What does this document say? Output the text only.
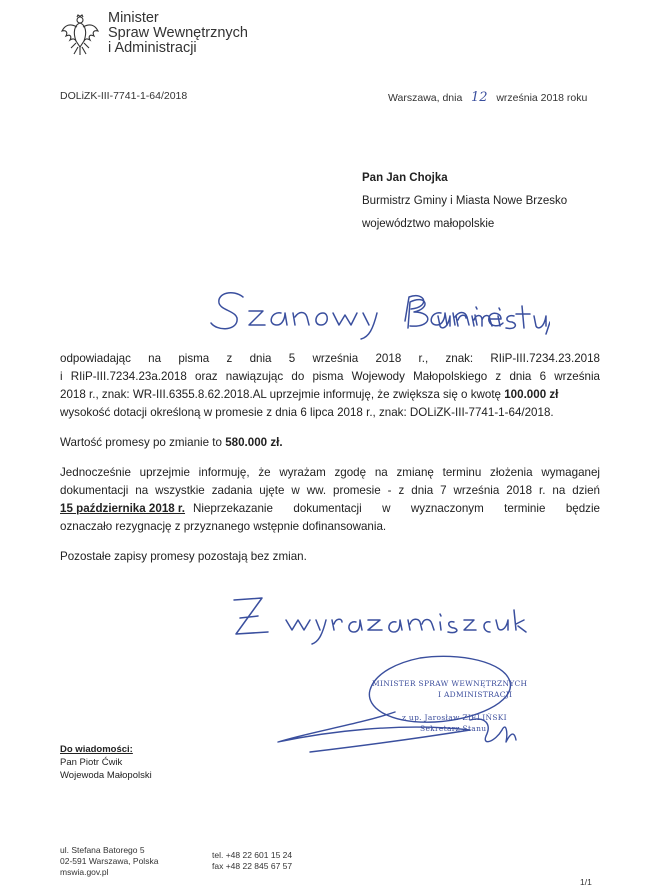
Minister
Spraw Wewnętrznych
i Administracji
DOLiZK-III-7741-1-64/2018	Warszawa, dnia 12 września 2018 roku
Pan Jan Chojka
Burmistrz Gminy i Miasta Nowe Brzesko
województwo małopolskie
odpowiadając na pisma z dnia 5 września 2018 r., znak: RIiP-III.7234.23.2018
i RIiP-III.7234.23a.2018 oraz nawiązując do pisma Wojewody Małopolskiego z dnia 6 września
2018 r., znak: WR-III.6355.8.62.2018.AL uprzejmie informuję, że zwiększa się o kwotę 100.000 zł
wysokość dotacji określoną w promesie z dnia 6 lipca 2018 r., znak: DOLiZK-III-7741-1-64/2018.
Wartość promesy po zmianie to 580.000 zł.
Jednocześnie uprzejmie informuję, że wyrażam zgodę na zmianę terminu złożenia wymaganej
dokumentacji na wszystkie zadania ujęte w ww. promesie - z dnia 7 września 2018 r. na dzień
15 października 2018 r. Nieprzekazanie dokumentacji w wyznaczonym terminie będzie
oznaczało rezygnację z przyznanego wstępnie dofinansowania.
Pozostałe zapisy promesy pozostają bez zmian.
MINISTER SPRAW WEWNĘTRZNYCH
I ADMINISTRACJI
z up. Jarosław ZIELIŃSKI
Sekretarz Stanu
Do wiadomości:
Pan Piotr Ćwik
Wojewoda Małopolski
ul. Stefana Batorego 5
02-591 Warszawa, Polska
mswia.gov.pl
tel. +48 22 601 15 24
fax +48 22 845 67 57
1/1
